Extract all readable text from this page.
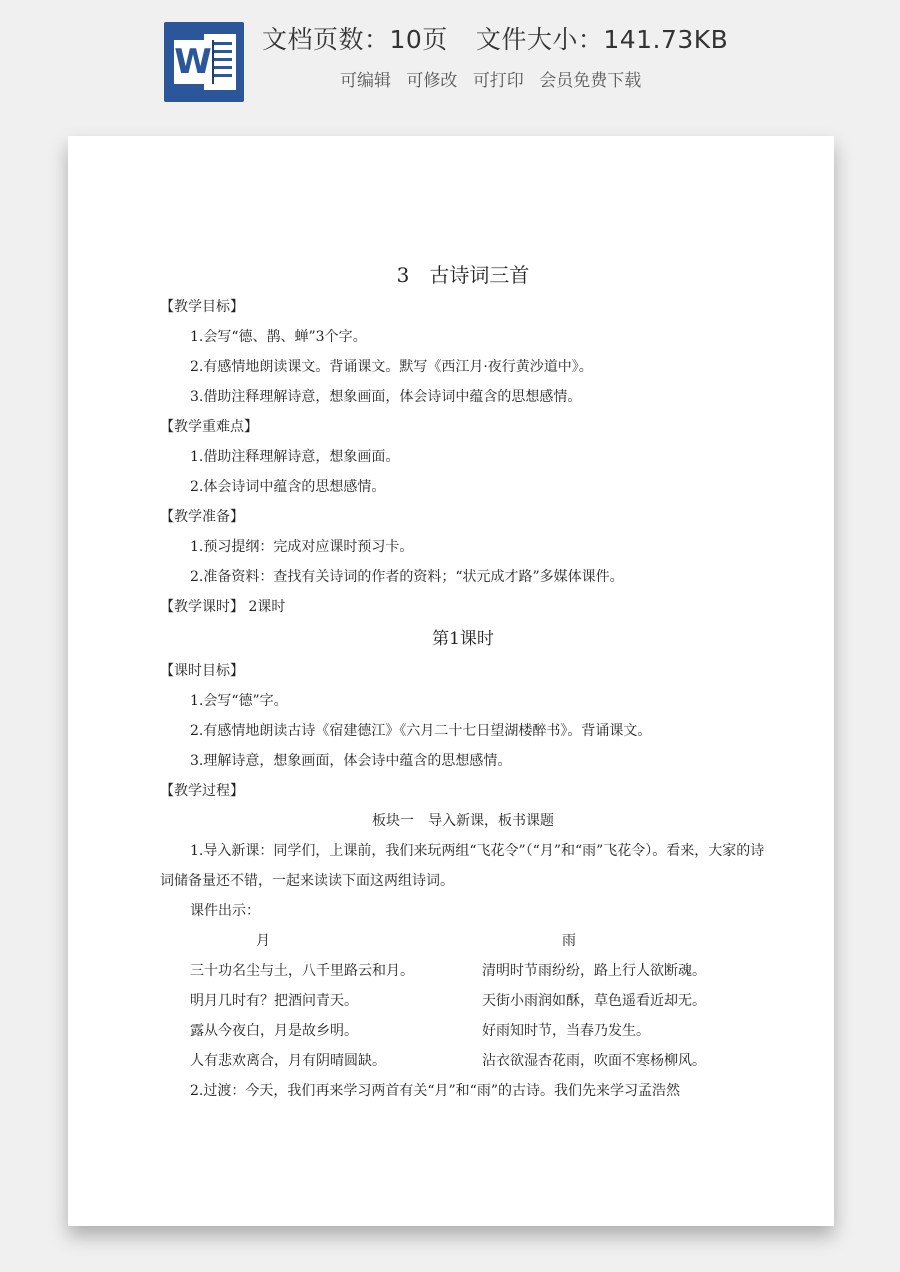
W
文档页数：10页 文件大小：141.73KB
可编辑 可修改 可打印 会员免费下载

3　古诗词三首

【教学目标】

1.会写“德、鹊、蝉”3个字。

2.有感情地朗读课文。背诵课文。默写《西江月·夜行黄沙道中》。

3.借助注释理解诗意，想象画面，体会诗词中蕴含的思想感情。

【教学重难点】

1.借助注释理解诗意，想象画面。

2.体会诗词中蕴含的思想感情。

【教学准备】

1.预习提纲：完成对应课时预习卡。

2.准备资料：查找有关诗词的作者的资料；“状元成才路”多媒体课件。

【教学课时】 2课时

第1课时

【课时目标】

1.会写“德”字。

2.有感情地朗读古诗《宿建德江》《六月二十七日望湖楼醉书》。背诵课文。

3.理解诗意，想象画面，体会诗中蕴含的思想感情。

【教学过程】

板块一　导入新课，板书课题

1.导入新课：同学们，上课前，我们来玩两组“飞花令”（“月”和“雨”飞花令）。看来，大家的诗词储备量还不错，一起来读读下面这两组诗词。

课件出示：

月	雨
三十功名尘与土，八千里路云和月。	清明时节雨纷纷，路上行人欲断魂。
明月几时有？把酒问青天。	天街小雨润如酥，草色遥看近却无。
露从今夜白，月是故乡明。	好雨知时节，当春乃发生。
人有悲欢离合，月有阴晴圆缺。	沾衣欲湿杏花雨，吹面不寒杨柳风。

2.过渡：今天，我们再来学习两首有关“月”和“雨”的古诗。我们先来学习孟浩然
